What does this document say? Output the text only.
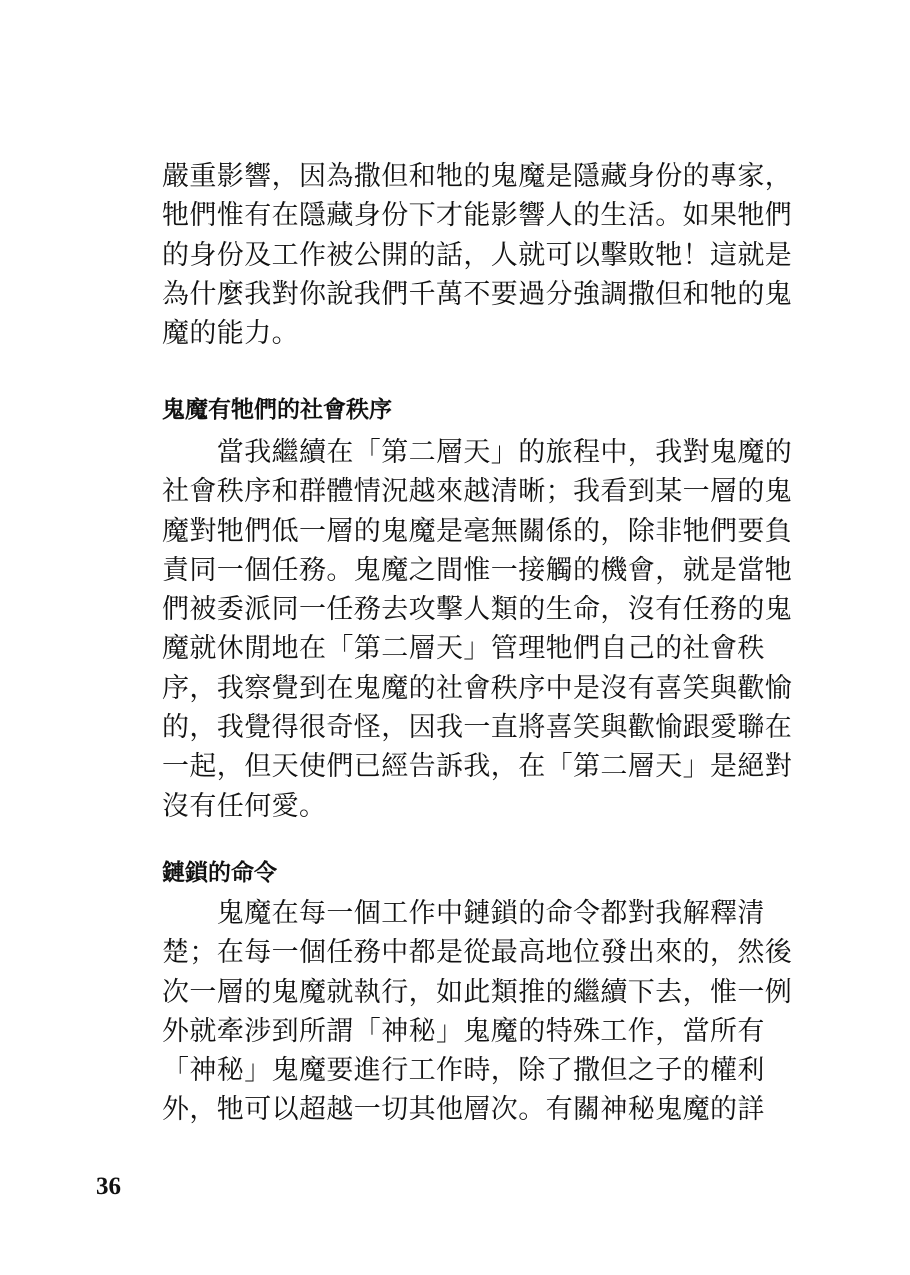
嚴重影響，因為撒但和牠的鬼魔是隱藏身份的專家，
牠們惟有在隱藏身份下才能影響人的生活。如果牠們
的身份及工作被公開的話，人就可以擊敗牠！這就是
為什麼我對你說我們千萬不要過分強調撒但和牠的鬼
魔的能力。
鬼魔有牠們的社會秩序
　　當我繼續在「第二層天」的旅程中，我對鬼魔的
社會秩序和群體情況越來越清晰；我看到某一層的鬼
魔對牠們低一層的鬼魔是毫無關係的，除非牠們要負
責同一個任務。鬼魔之間惟一接觸的機會，就是當牠
們被委派同一任務去攻擊人類的生命，沒有任務的鬼
魔就休閒地在「第二層天」管理牠們自己的社會秩
序，我察覺到在鬼魔的社會秩序中是沒有喜笑與歡愉
的，我覺得很奇怪，因我一直將喜笑與歡愉跟愛聯在
一起，但天使們已經告訴我，在「第二層天」是絕對
沒有任何愛。
鏈鎖的命令
　　鬼魔在每一個工作中鏈鎖的命令都對我解釋清
楚；在每一個任務中都是從最高地位發出來的，然後
次一層的鬼魔就執行，如此類推的繼續下去，惟一例
外就牽涉到所謂「神秘」鬼魔的特殊工作，當所有
「神秘」鬼魔要進行工作時，除了撒但之子的權利
外，牠可以超越一切其他層次。有關神秘鬼魔的詳
36
